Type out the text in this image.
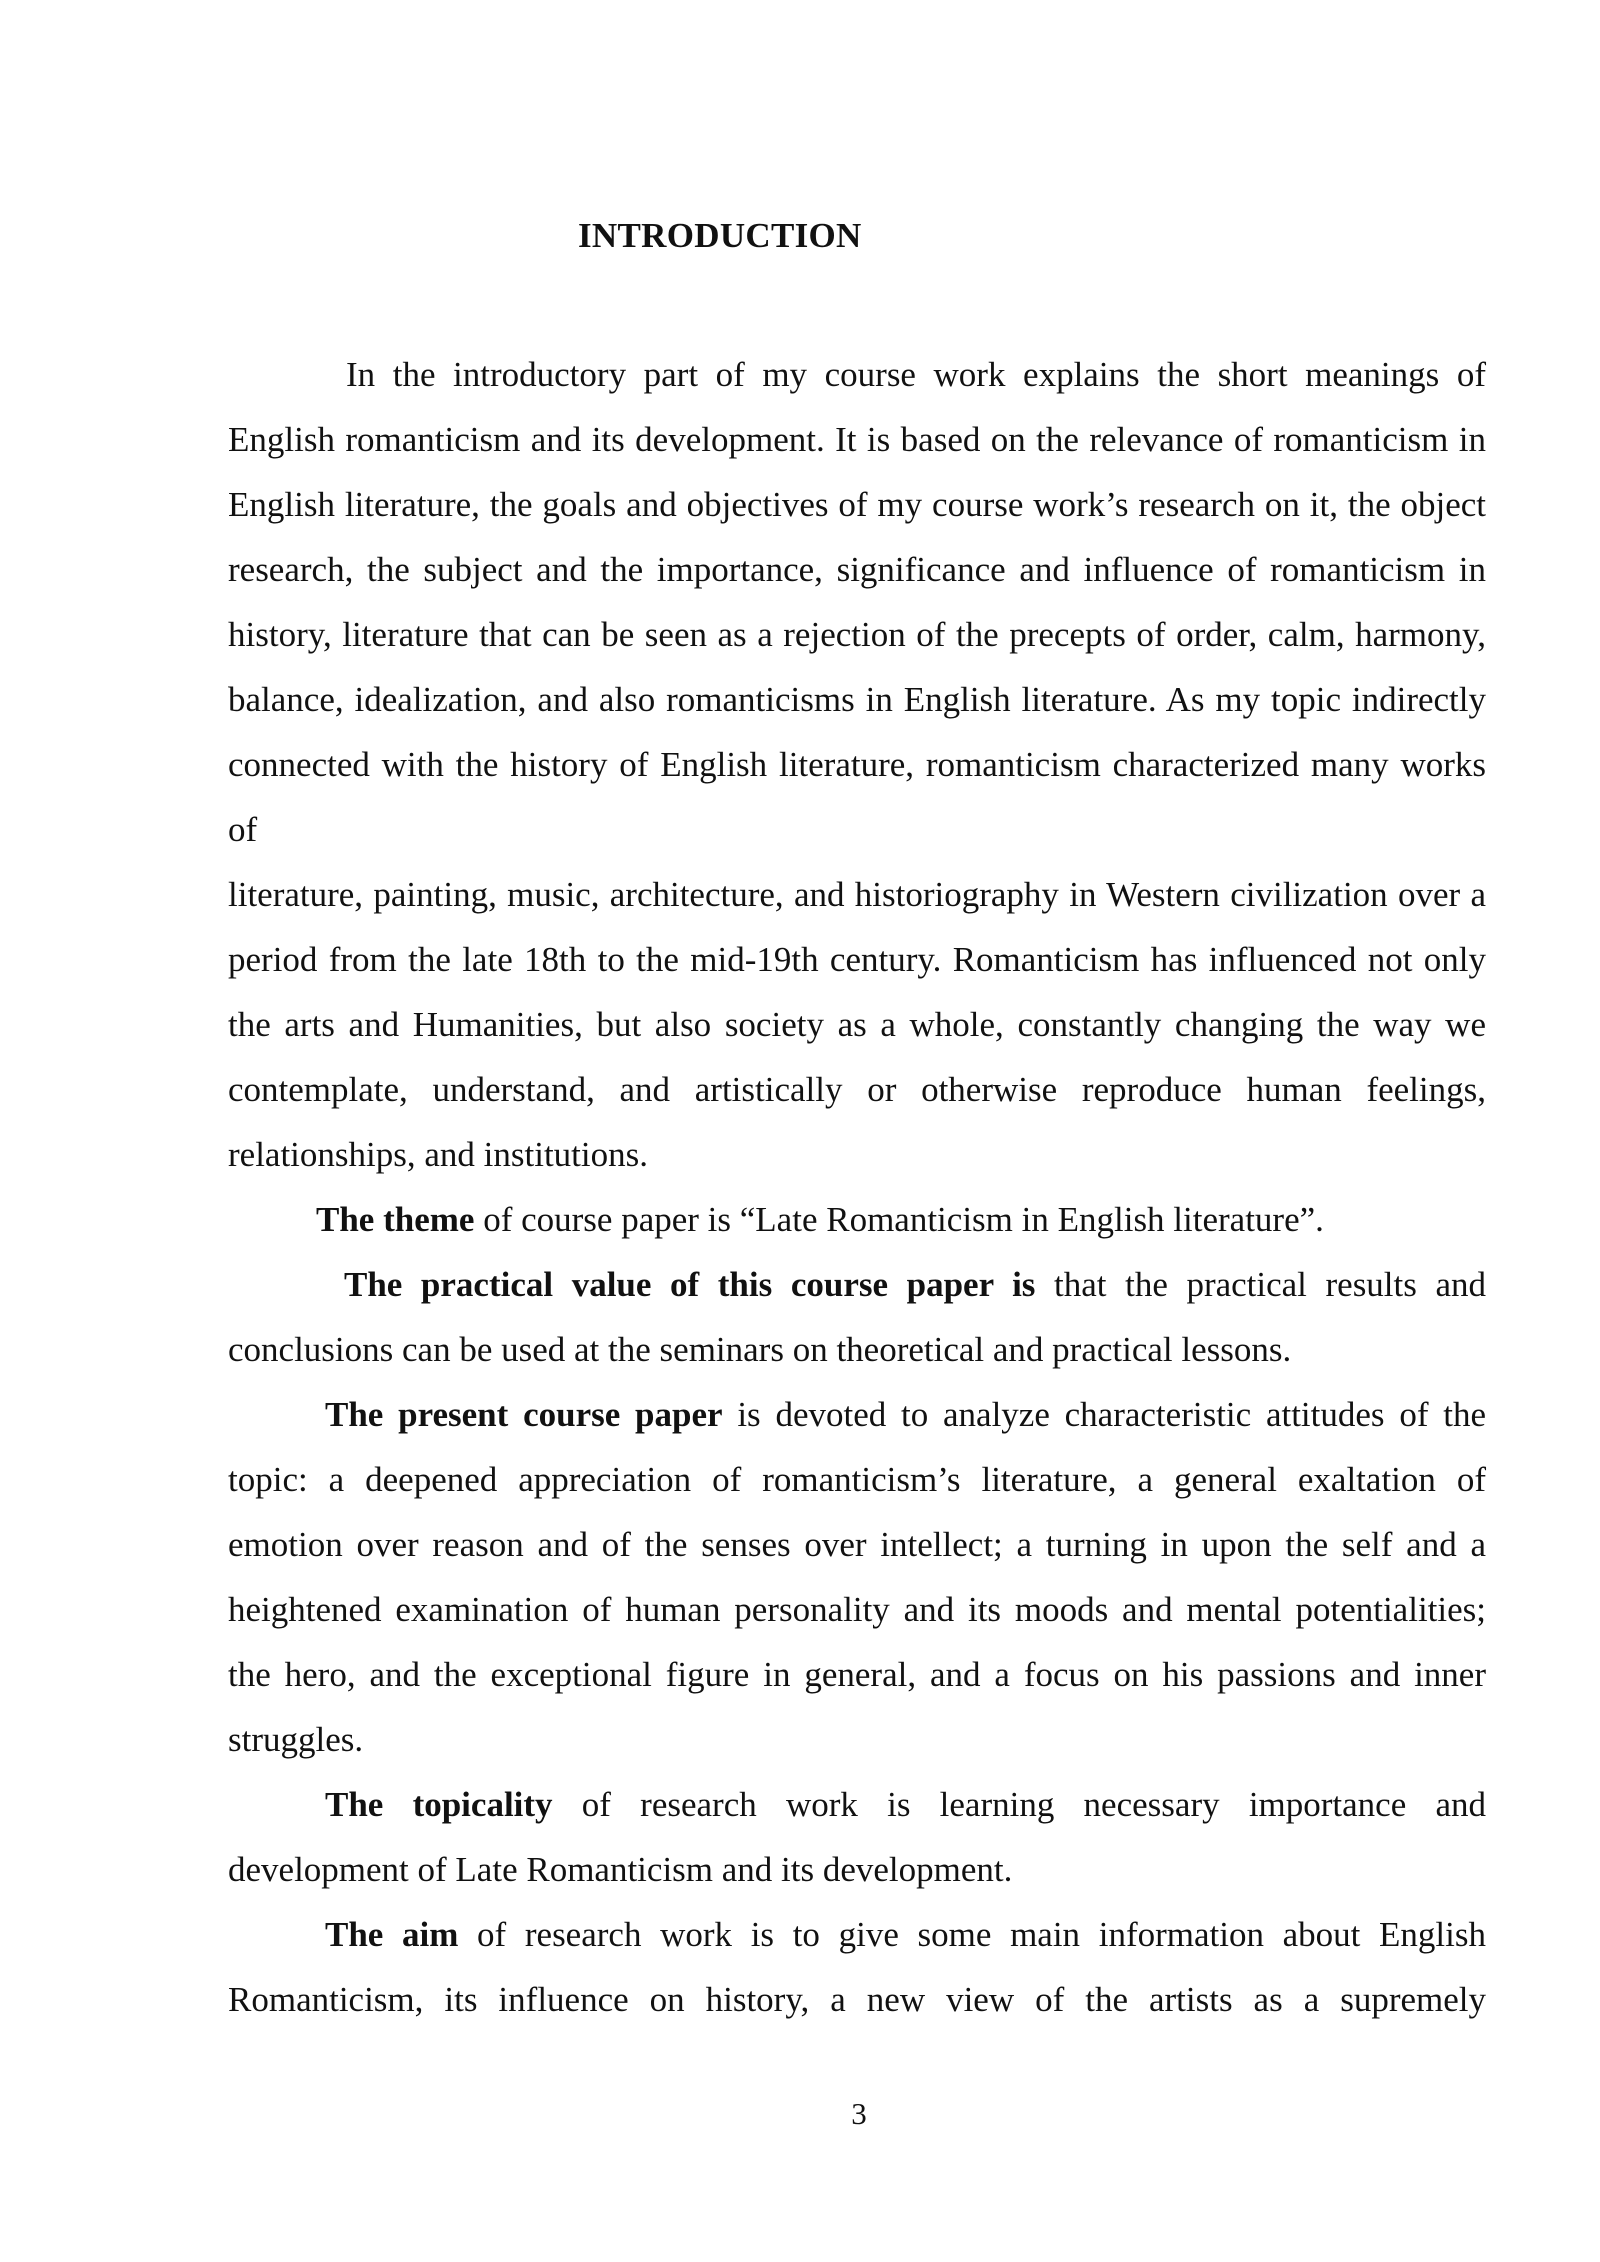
INTRODUCTION

In the introductory part of my course work explains the short meanings of English romanticism and its development. It is based on the relevance of romanticism in English literature, the goals and objectives of my course work’s research on it, the object research, the subject and the importance, significance and influence of romanticism in history, literature that can be seen as a rejection of the precepts of order, calm, harmony, balance, idealization, and also romanticisms in English literature. As my topic indirectly connected with the history of English literature, romanticism characterized many works of

literature, painting, music, architecture, and historiography in Western civilization over a period from the late 18th to the mid-19th century. Romanticism has influenced not only the arts and Humanities, but also society as a whole, constantly changing the way we contemplate, understand, and artistically or otherwise reproduce human feelings, relationships, and institutions.

The theme of course paper is “Late Romanticism in English literature”.

The practical value of this course paper is that the practical results and conclusions can be used at the seminars on theoretical and practical lessons.

The present course paper is devoted to analyze characteristic attitudes of the topic: a deepened appreciation of romanticism’s literature, a general exaltation of emotion over reason and of the senses over intellect; a turning in upon the self and a heightened examination of human personality and its moods and mental potentialities; the hero, and the exceptional figure in general, and a focus on his passions and inner struggles.

The topicality of research work is learning necessary importance and development of Late Romanticism and its development.

The aim of research work is to give some main information about English Romanticism, its influence on history, a new view of the artists as a supremely

3
